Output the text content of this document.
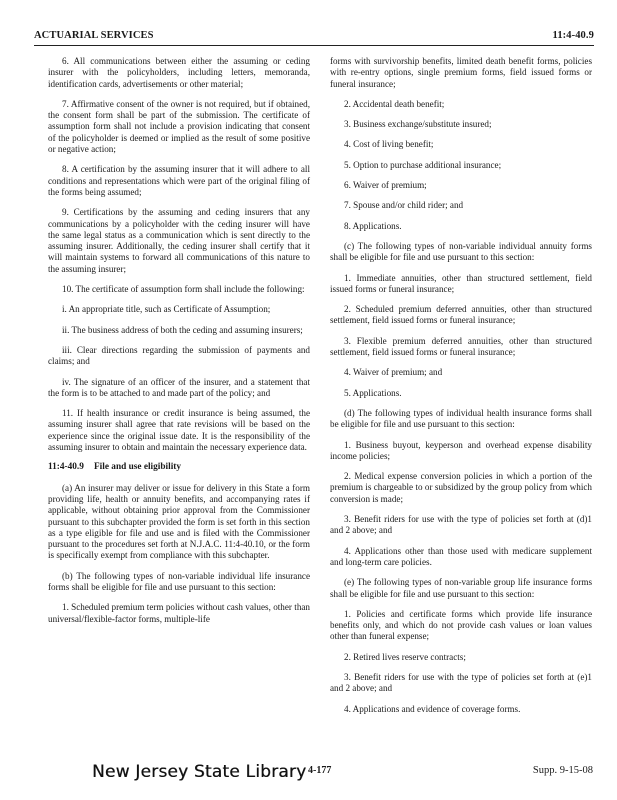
ACTUARIAL SERVICES	11:4-40.9

6. All communications between either the assuming or ceding insurer with the policyholders, including letters, memoranda, identification cards, advertisements or other material;

7. Affirmative consent of the owner is not required, but if obtained, the consent form shall be part of the submission. The certificate of assumption form shall not include a provision indicating that consent of the policyholder is deemed or implied as the result of some positive or negative action;

8. A certification by the assuming insurer that it will adhere to all conditions and representations which were part of the original filing of the forms being assumed;

9. Certifications by the assuming and ceding insurers that any communications by a policyholder with the ceding insurer will have the same legal status as a communication which is sent directly to the assuming insurer. Additionally, the ceding insurer shall certify that it will maintain systems to forward all communications of this nature to the assuming insurer;

10. The certificate of assumption form shall include the following:

i. An appropriate title, such as Certificate of Assumption;

ii. The business address of both the ceding and assuming insurers;

iii. Clear directions regarding the submission of payments and claims; and

iv. The signature of an officer of the insurer, and a statement that the form is to be attached to and made part of the policy; and

11. If health insurance or credit insurance is being assumed, the assuming insurer shall agree that rate revisions will be based on the experience since the original issue date. It is the responsibility of the assuming insurer to obtain and maintain the necessary experience data.

11:4-40.9 File and use eligibility

(a) An insurer may deliver or issue for delivery in this State a form providing life, health or annuity benefits, and accompanying rates if applicable, without obtaining prior approval from the Commissioner pursuant to this subchapter provided the form is set forth in this section as a type eligible for file and use and is filed with the Commissioner pursuant to the procedures set forth at N.J.A.C. 11:4-40.10, or the form is specifically exempt from compliance with this subchapter.

(b) The following types of non-variable individual life insurance forms shall be eligible for file and use pursuant to this section:

1. Scheduled premium term policies without cash values, other than universal/flexible-factor forms, multiple-life

forms with survivorship benefits, limited death benefit forms, policies with re-entry options, single premium forms, field issued forms or funeral insurance;

2. Accidental death benefit;

3. Business exchange/substitute insured;

4. Cost of living benefit;

5. Option to purchase additional insurance;

6. Waiver of premium;

7. Spouse and/or child rider; and

8. Applications.

(c) The following types of non-variable individual annuity forms shall be eligible for file and use pursuant to this section:

1. Immediate annuities, other than structured settlement, field issued forms or funeral insurance;

2. Scheduled premium deferred annuities, other than structured settlement, field issued forms or funeral insurance;

3. Flexible premium deferred annuities, other than structured settlement, field issued forms or funeral insurance;

4. Waiver of premium; and

5. Applications.

(d) The following types of individual health insurance forms shall be eligible for file and use pursuant to this section:

1. Business buyout, keyperson and overhead expense disability income policies;

2. Medical expense conversion policies in which a portion of the premium is chargeable to or subsidized by the group policy from which conversion is made;

3. Benefit riders for use with the type of policies set forth at (d)1 and 2 above; and

4. Applications other than those used with medicare supplement and long-term care policies.

(e) The following types of non-variable group life insurance forms shall be eligible for file and use pursuant to this section:

1. Policies and certificate forms which provide life insurance benefits only, and which do not provide cash values or loan values other than funeral expense;

2. Retired lives reserve contracts;

3. Benefit riders for use with the type of policies set forth at (e)1 and 2 above; and

4. Applications and evidence of coverage forms.

New Jersey State Library 4-177	Supp. 9-15-08
